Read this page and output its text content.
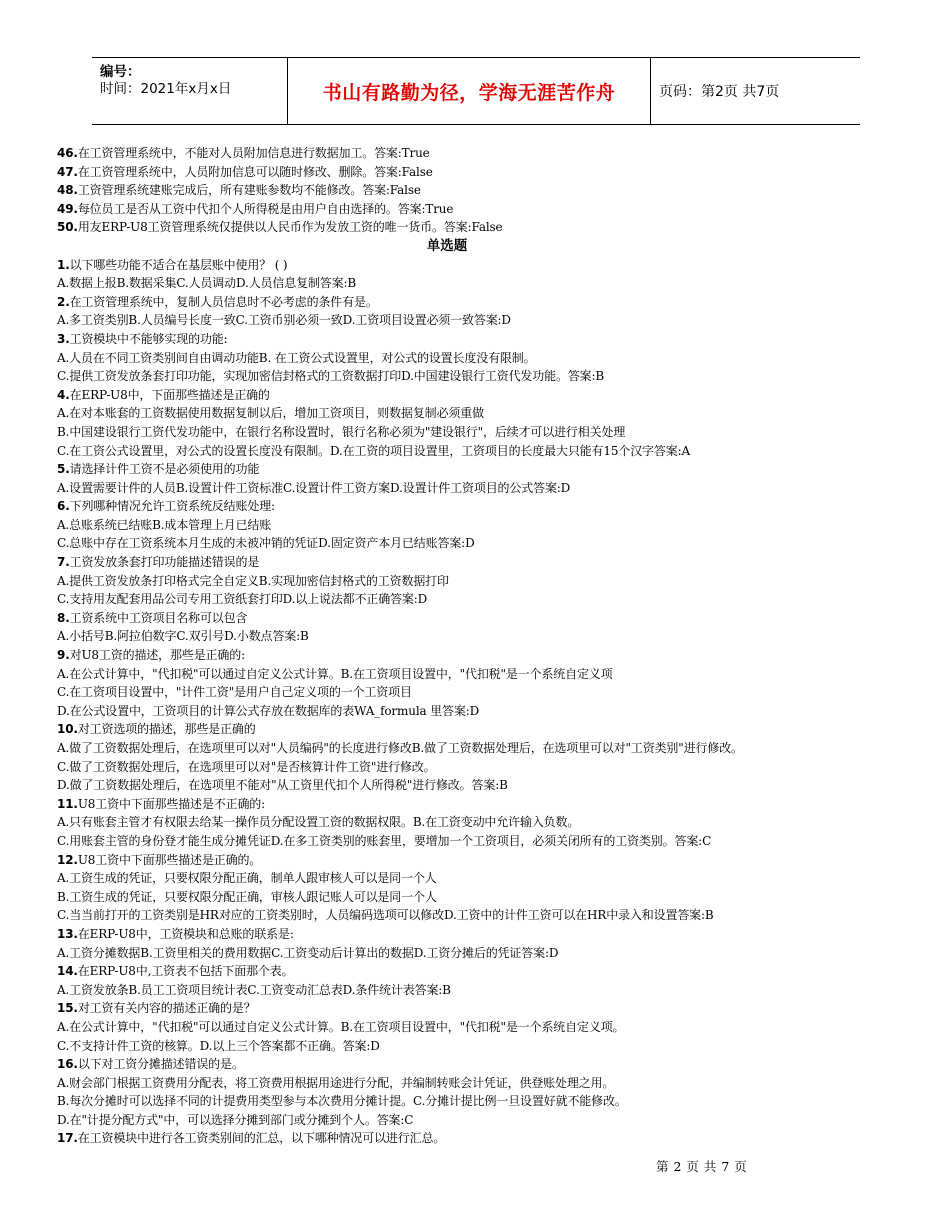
编号：
时间：2021年x月x日	书山有路勤为径，学海无涯苦作舟	页码：第2页 共7页
46.在工资管理系统中，不能对人员附加信息进行数据加工。答案:True
47.在工资管理系统中，人员附加信息可以随时修改、删除。答案:False
48.工资管理系统建账完成后，所有建账参数均不能修改。答案:False
49.每位员工是否从工资中代扣个人所得税是由用户自由选择的。答案:True
50.用友ERP-U8工资管理系统仅提供以人民币作为发放工资的唯一货币。答案:False
单选题
1.以下哪些功能不适合在基层账中使用？ ( )
A.数据上报B.数据采集C.人员调动D.人员信息复制答案:B
2.在工资管理系统中，复制人员信息时不必考虑的条件有是。
A.多工资类别B.人员编号长度一致C.工资币别必须一致D.工资项目设置必须一致答案:D
3.工资模块中不能够实现的功能:
A.人员在不同工资类别间自由调动功能B. 在工资公式设置里，对公式的设置长度没有限制。
C.提供工资发放条套打印功能，实现加密信封格式的工资数据打印D.中国建设银行工资代发功能。答案:B
4.在ERP-U8中，下面那些描述是正确的
A.在对本账套的工资数据使用数据复制以后，增加工资项目，则数据复制必须重做
B.中国建设银行工资代发功能中，在银行名称设置时，银行名称必须为"建设银行"，后续才可以进行相关处理
C.在工资公式设置里，对公式的设置长度没有限制。D.在工资的项目设置里，工资项目的长度最大只能有15个汉字答案:A
5.请选择计件工资不是必须使用的功能
A.设置需要计件的人员B.设置计件工资标准C.设置计件工资方案D.设置计件工资项目的公式答案:D
6.下列哪种情况允许工资系统反结账处理:
A.总账系统已结账B.成本管理上月已结账
C.总账中存在工资系统本月生成的未被冲销的凭证D.固定资产本月已结账答案:D
7.工资发放条套打印功能描述错误的是
A.提供工资发放条打印格式完全自定义B.实现加密信封格式的工资数据打印
C.支持用友配套用品公司专用工资纸套打印D.以上说法都不正确答案:D
8.工资系统中工资项目名称可以包含
A.小括号B.阿拉伯数字C.双引号D.小数点答案:B
9.对U8工资的描述，那些是正确的:
A.在公式计算中，"代扣税"可以通过自定义公式计算。B.在工资项目设置中，"代扣税"是一个系统自定义项
C.在工资项目设置中，"计件工资"是用户自己定义项的一个工资项目
D.在公式设置中，工资项目的计算公式存放在数据库的表WA_formula 里答案:D
10.对工资选项的描述，那些是正确的
A.做了工资数据处理后，在选项里可以对"人员编码"的长度进行修改B.做了工资数据处理后，在选项里可以对"工资类别"进行修改。
C.做了工资数据处理后，在选项里可以对"是否核算计件工资"进行修改。
D.做了工资数据处理后，在选项里不能对"从工资里代扣个人所得税"进行修改。答案:B
11.U8工资中下面那些描述是不正确的:
A.只有账套主管才有权限去给某一操作员分配设置工资的数据权限。B.在工资变动中允许输入负数。
C.用账套主管的身份登才能生成分摊凭证D.在多工资类别的账套里，要增加一个工资项目，必须关闭所有的工资类别。答案:C
12.U8工资中下面那些描述是正确的。
A.工资生成的凭证，只要权限分配正确，制单人跟审核人可以是同一个人
B.工资生成的凭证，只要权限分配正确，审核人跟记账人可以是同一个人
C.当当前打开的工资类别是HR对应的工资类别时，人员编码选项可以修改D.工资中的计件工资可以在HR中录入和设置答案:B
13.在ERP-U8中，工资模块和总账的联系是:
A.工资分摊数据B.工资里相关的费用数据C.工资变动后计算出的数据D.工资分摊后的凭证答案:D
14.在ERP-U8中,工资表不包括下面那个表。
A.工资发放条B.员工工资项目统计表C.工资变动汇总表D.条件统计表答案:B
15.对工资有关内容的描述正确的是？
A.在公式计算中，"代扣税"可以通过自定义公式计算。B.在工资项目设置中，"代扣税"是一个系统自定义项。
C.不支持计件工资的核算。D.以上三个答案都不正确。答案:D
16.以下对工资分摊描述错误的是。
A.财会部门根据工资费用分配表，将工资费用根据用途进行分配，并编制转账会计凭证，供登账处理之用。
B.每次分摊时可以选择不同的计提费用类型参与本次费用分摊计提。C.分摊计提比例一旦设置好就不能修改。
D.在"计提分配方式"中，可以选择分摊到部门或分摊到个人。答案:C
17.在工资模块中进行各工资类别间的汇总，以下哪种情况可以进行汇总。
第 2 页 共 7 页
